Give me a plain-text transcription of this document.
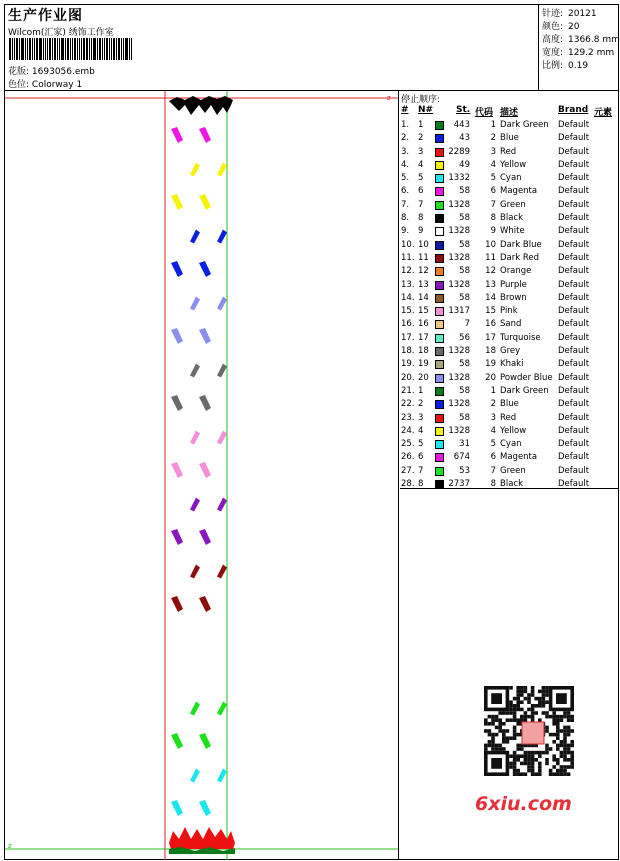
生产作业图
Wilcom(汇家) 绣饰工作室
花版: 1693056.emb
色位: Colorway 1
针迹: 20121
颜色: 20
高度: 1366.8 mm
宽度: 129.2 mm
比例: 0.19
z
z
停止顺序:
# N#	St. 代码 描述	Brand 元素
1. 1	443	1 Dark Green Default
2. 2	43	2 Blue	Default
3. 3	2289	3 Red	Default
4. 4	49	4 Yellow	Default
5. 5	1332	5 Cyan	Default
6. 6	58	6 Magenta Default
7. 7	1328	7 Green	Default
8. 8	58	8 Black	Default
9. 9	1328	9 White	Default
10. 10	58	10 Dark Blue Default
11. 11 1328	11 Dark Red Default
12. 12	58	12 Orange	Default
13. 13 1328	13 Purple	Default
14. 14	58	14 Brown	Default
15. 15 1317	15 Pink	Default
16. 16	7	16 Sand	Default
17. 17	56	17 Turquoise Default
18. 18 1328	18 Grey	Default
19. 19	58	19 Khaki	Default
20. 20 1328	20 Powder Blue Default
21. 1	58	1 Dark Green Default
22. 2	1328	2 Blue	Default
23. 3	58	3 Red	Default
24. 4	1328	4 Yellow	Default
25. 5	31	5 Cyan	Default
26. 6	674	6 Magenta Default
27. 7	53	7 Green	Default
28. 8	2737	8 Black	Default
6xiu.com
